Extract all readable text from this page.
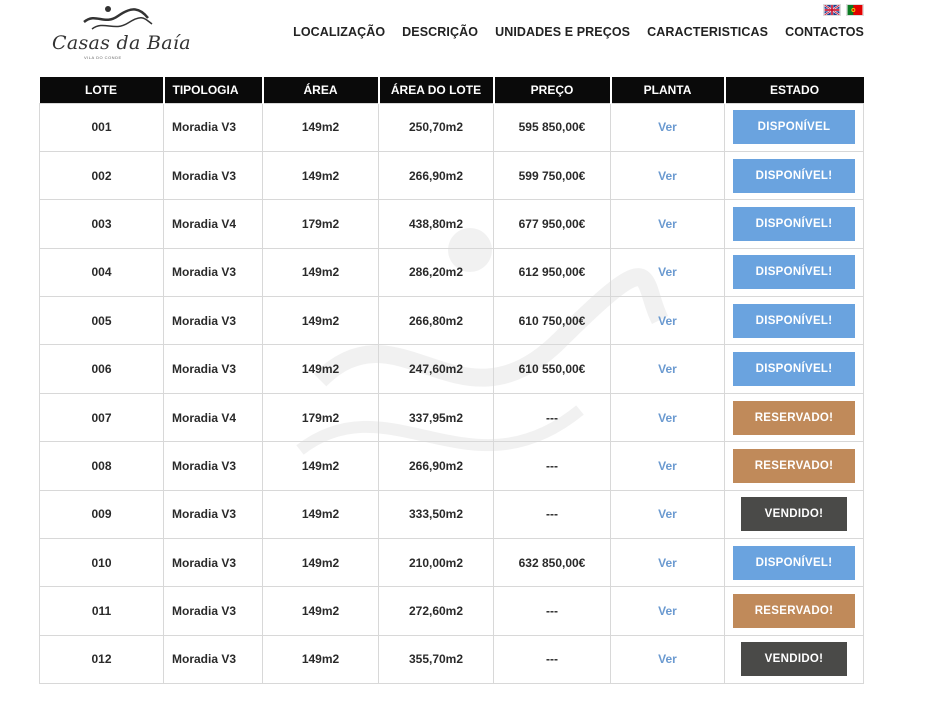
Casas da Baía
VILA DO CONDE
LOCALIZAÇÃO DESCRIÇÃO UNIDADES E PREÇOS CARACTERISTICAS CONTACTOS
LOTE	TIPOLOGIA	ÁREA	ÁREA DO LOTE	PREÇO	PLANTA	ESTADO
001	Moradia V3	149m2	250,70m2	595 850,00€	Ver	DISPONÍVEL
002	Moradia V3	149m2	266,90m2	599 750,00€	Ver	DISPONÍVEL!
003	Moradia V4	179m2	438,80m2	677 950,00€	Ver	DISPONÍVEL!
004	Moradia V3	149m2	286,20m2	612 950,00€	Ver	DISPONÍVEL!
005	Moradia V3	149m2	266,80m2	610 750,00€	Ver	DISPONÍVEL!
006	Moradia V3	149m2	247,60m2	610 550,00€	Ver	DISPONÍVEL!
007	Moradia V4	179m2	337,95m2	---	Ver	RESERVADO!
008	Moradia V3	149m2	266,90m2	---	Ver	RESERVADO!
009	Moradia V3	149m2	333,50m2	---	Ver	VENDIDO!
010	Moradia V3	149m2	210,00m2	632 850,00€	Ver	DISPONÍVEL!
011	Moradia V3	149m2	272,60m2	---	Ver	RESERVADO!
012	Moradia V3	149m2	355,70m2	---	Ver	VENDIDO!
